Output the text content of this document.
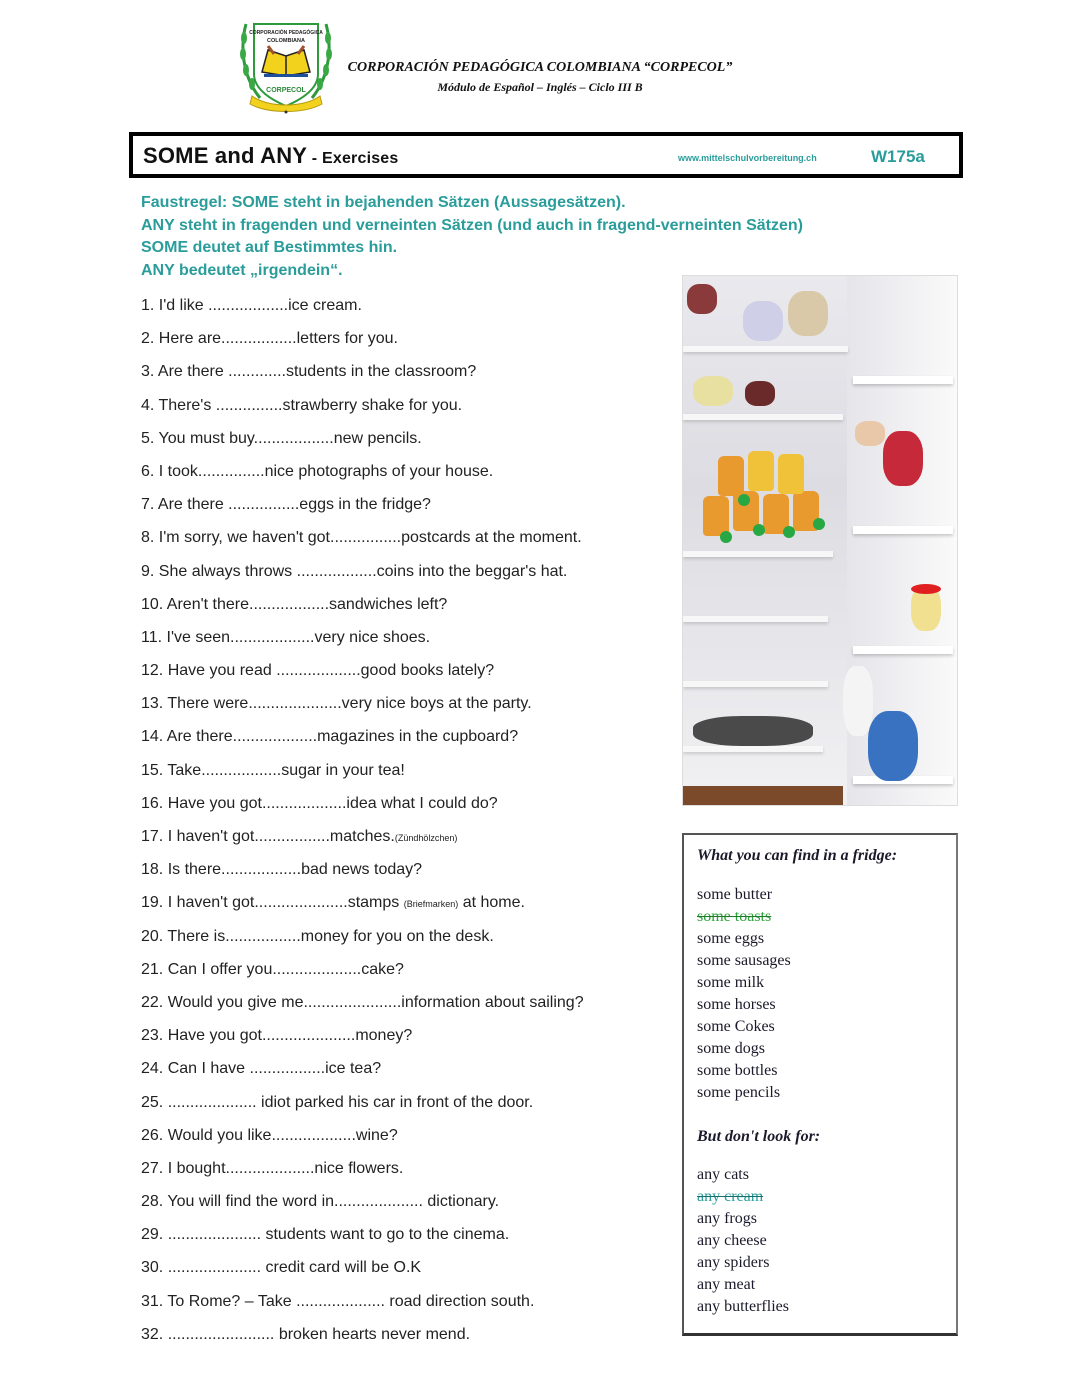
CORPORACIÓN PEDAGÓGICA
COLOMBIANA
CORPECOL
CORPORACIÓN PEDAGÓGICA COLOMBIANA “CORPECOL”
Módulo de Español – Inglés – Ciclo III B
SOME and ANY - Exercises	www.mittelschulvorbereitung.ch	W175a
Faustregel: SOME steht in bejahenden Sätzen (Aussagesätzen).
ANY steht in fragenden und verneinten Sätzen (und auch in fragend-verneinten Sätzen)
SOME deutet auf Bestimmtes hin.
ANY bedeutet „irgendein“.
1. I'd like ..................ice cream.
2. Here are.................letters for you.
3. Are there .............students in the classroom?
4. There's ...............strawberry shake for you.
5. You must buy..................new pencils.
6. I took...............nice photographs of your house.
7. Are there ................eggs in the fridge?
8. I'm sorry, we haven't got................postcards at the moment.
9. She always throws ..................coins into the beggar's hat.
10. Aren't there..................sandwiches left?
11. I've seen...................very nice shoes.
12. Have you read ...................good books lately?
13. There were.....................very nice boys at the party.
14. Are there...................magazines in the cupboard?
15. Take..................sugar in your tea!
16. Have you got...................idea what I could do?
17. I haven't got.................matches.(Zündhölzchen)
18. Is there..................bad news today?
19. I haven't got.....................stamps (Briefmarken) at home.
20. There is.................money for you on the desk.
21. Can I offer you....................cake?
22. Would you give me......................information about sailing?
23. Have you got.....................money?
24. Can I have .................ice tea?
25. .................... idiot parked his car in front of the door.
26. Would you like...................wine?
27. I bought....................nice flowers.
28. You will find the word in.................... dictionary.
29. ..................... students want to go to the cinema.
30. ..................... credit card will be O.K
31. To Rome? – Take .................... road direction south.
32. ........................ broken hearts never mend.
What you can find in a fridge:
some butter
some toasts
some eggs
some sausages
some milk
some horses
some Cokes
some dogs
some bottles
some pencils
But don't look for:
any cats
any cream
any frogs
any cheese
any spiders
any meat
any butterflies
